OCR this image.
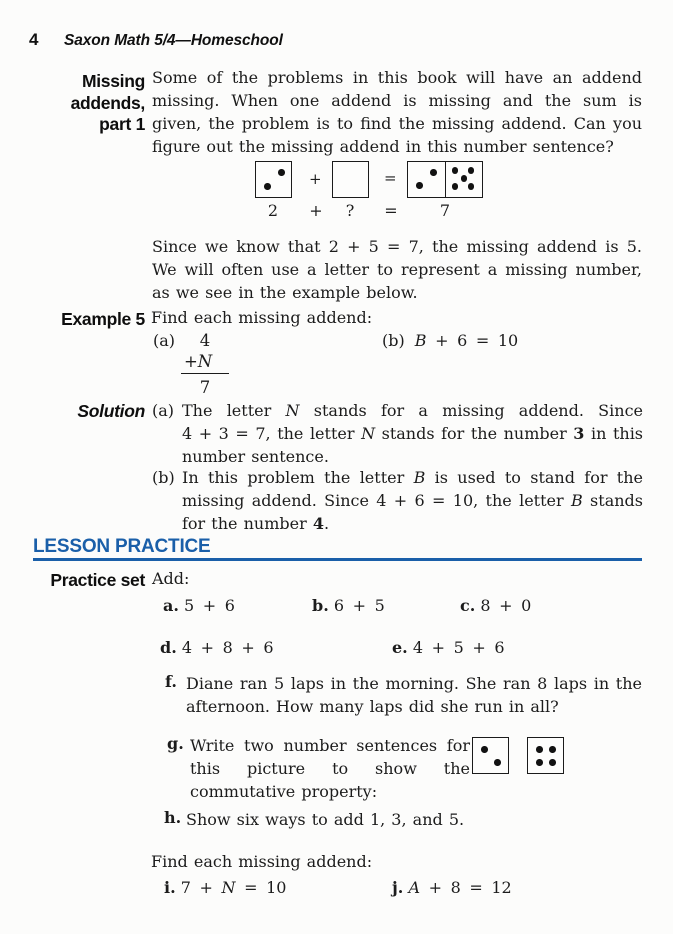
4 Saxon Math 5/4—Homeschool
Missing
addends,
part 1

Some of the problems in this book will have an addend missing. When one addend is missing and the sum is given, the problem is to find the missing addend. Can you figure out the missing addend in this number sentence?

+	=
2 + ? =	7

Since we know that 2 + 5 = 7, the missing addend is 5. We will often use a letter to represent a missing number, as we see in the example below.

Example 5 Find each missing addend:
(a)	4
+ N
7
(b) B + 6 = 10
Solution (a) The letter N stands for a missing addend. Since 4 + 3 = 7, the letter N stands for the number 3 in this number sentence.

(b) In this problem the letter B is used to stand for the missing addend. Since 4 + 6 = 10, the letter B stands for the number 4.

LESSON PRACTICE
Practice set Add:
a. 5 + 6	b. 6 + 5	c. 8 + 0
d. 4 + 8 + 6	e. 4 + 5 + 6
f. Diane ran 5 laps in the morning. She ran 8 laps in the afternoon. How many laps did she run in all?

g. Write two number sentences for this picture to show the commutative property:

h. Show six ways to add 1, 3, and 5.
Find each missing addend:
i. 7 + N = 10	j. A + 8 = 12
